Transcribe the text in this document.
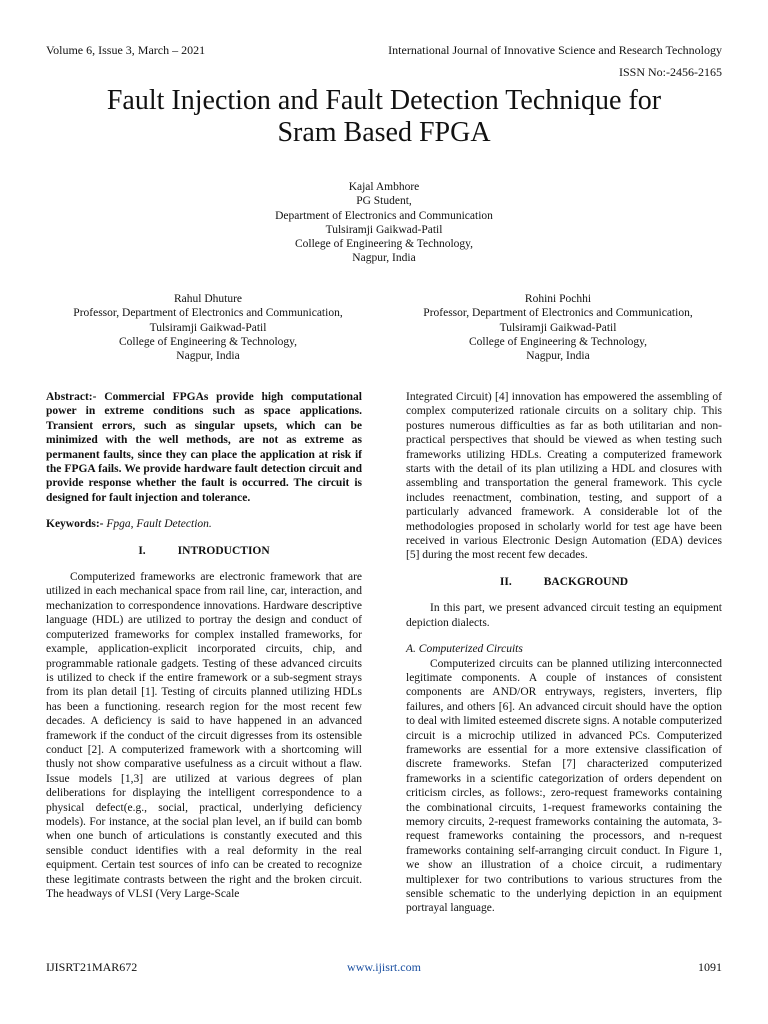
Volume 6, Issue 3, March – 2021	International Journal of Innovative Science and Research Technology
ISSN No:-2456-2165
Fault Injection and Fault Detection Technique for
Sram Based FPGA
Kajal Ambhore
PG Student,
Department of Electronics and Communication
Tulsiramji Gaikwad-Patil
College of Engineering & Technology,
Nagpur, India
Rahul Dhuture
Professor, Department of Electronics and Communication,
Tulsiramji Gaikwad-Patil
College of Engineering & Technology,
Nagpur, India
Rohini Pochhi
Professor, Department of Electronics and Communication,
Tulsiramji Gaikwad-Patil
College of Engineering & Technology,
Nagpur, India

Abstract:- Commercial FPGAs provide high computational power in extreme conditions such as space applications. Transient errors, such as singular upsets, which can be minimized with the well methods, are not as extreme as permanent faults, since they can place the application at risk if the FPGA fails. We provide hardware fault detection circuit and provide response whether the fault is occurred. The circuit is designed for fault injection and tolerance.

Keywords:- Fpga, Fault Detection.

I.	INTRODUCTION

Computerized frameworks are electronic framework that are utilized in each mechanical space from rail line, car, interaction, and mechanization to correspondence innovations. Hardware descriptive language (HDL) are utilized to portray the design and conduct of computerized frameworks for complex installed frameworks, for example, application-explicit incorporated circuits, chip, and programmable rationale gadgets. Testing of these advanced circuits is utilized to check if the entire framework or a sub-segment strays from its plan detail [1]. Testing of circuits planned utilizing HDLs has been a functioning. research region for the most recent few decades. A deficiency is said to have happened in an advanced framework if the conduct of the circuit digresses from its ostensible conduct [2]. A computerized framework with a shortcoming will thusly not show comparative usefulness as a circuit without a flaw. Issue models [1,3] are utilized at various degrees of plan deliberations for displaying the intelligent correspondence to a physical defect(e.g., social, practical, underlying deficiency models). For instance, at the social plan level, an if build can bomb when one bunch of articulations is constantly executed and this sensible conduct identifies with a real deformity in the real equipment. Certain test sources of info can be created to recognize these legitimate contrasts between the right and the broken circuit. The headways of VLSI (Very Large-Scale

Integrated Circuit) [4] innovation has empowered the assembling of complex computerized rationale circuits on a solitary chip. This postures numerous difficulties as far as both utilitarian and non-practical perspectives that should be viewed as when testing such frameworks utilizing HDLs. Creating a computerized framework starts with the detail of its plan utilizing a HDL and closures with assembling and transportation the general framework. This cycle includes reenactment, combination, testing, and support of a particularly advanced framework. A considerable lot of the methodologies proposed in scholarly world for test age have been received in various Electronic Design Automation (EDA) devices [5] during the most recent few decades.

II.	BACKGROUND

In this part, we present advanced circuit testing an equipment depiction dialects.

A. Computerized Circuits

Computerized circuits can be planned utilizing interconnected legitimate components. A couple of instances of consistent components are AND/OR entryways, registers, inverters, flip failures, and others [6]. An advanced circuit should have the option to deal with limited esteemed discrete signs. A notable computerized circuit is a microchip utilized in advanced PCs. Computerized frameworks are essential for a more extensive classification of discrete frameworks. Stefan [7] characterized computerized frameworks in a scientific categorization of orders dependent on criticism circles, as follows:, zero-request frameworks containing the combinational circuits, 1-request frameworks containing the memory circuits, 2-request frameworks containing the automata, 3-request frameworks containing the processors, and n-request frameworks containing self-arranging circuit conduct. In Figure 1, we show an illustration of a choice circuit, a rudimentary multiplexer for two contributions to various structures from the sensible schematic to the underlying depiction in an equipment portrayal language.

IJISRT21MAR672	www.ijisrt.com	1091
